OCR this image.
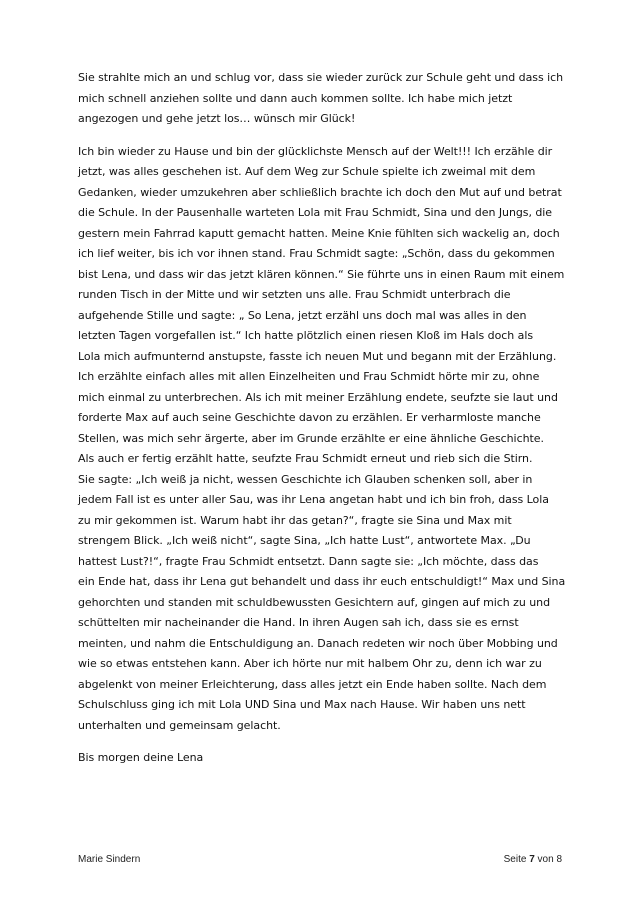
Sie strahlte mich an und schlug vor, dass sie wieder zurück zur Schule geht und dass ich
mich schnell anziehen sollte und dann auch kommen sollte. Ich habe mich jetzt
angezogen und gehe jetzt los… wünsch mir Glück!
Ich bin wieder zu Hause und bin der glücklichste Mensch auf der Welt!!! Ich erzähle dir
jetzt, was alles geschehen ist. Auf dem Weg zur Schule spielte ich zweimal mit dem
Gedanken, wieder umzukehren aber schließlich brachte ich doch den Mut auf und betrat
die Schule. In der Pausenhalle warteten Lola mit Frau Schmidt, Sina und den Jungs, die
gestern mein Fahrrad kaputt gemacht hatten. Meine Knie fühlten sich wackelig an, doch
ich lief weiter, bis ich vor ihnen stand. Frau Schmidt sagte: „Schön, dass du gekommen
bist Lena, und dass wir das jetzt klären können.“ Sie führte uns in einen Raum mit einem
runden Tisch in der Mitte und wir setzten uns alle. Frau Schmidt unterbrach die
aufgehende Stille und sagte: „ So Lena, jetzt erzähl uns doch mal was alles in den
letzten Tagen vorgefallen ist.“ Ich hatte plötzlich einen riesen Kloß im Hals doch als
Lola mich aufmunternd anstupste, fasste ich neuen Mut und begann mit der Erzählung.
Ich erzählte einfach alles mit allen Einzelheiten und Frau Schmidt hörte mir zu, ohne
mich einmal zu unterbrechen. Als ich mit meiner Erzählung endete, seufzte sie laut und
forderte Max auf auch seine Geschichte davon zu erzählen. Er verharmloste manche
Stellen, was mich sehr ärgerte, aber im Grunde erzählte er eine ähnliche Geschichte.
Als auch er fertig erzählt hatte, seufzte Frau Schmidt erneut und rieb sich die Stirn.
Sie sagte: „Ich weiß ja nicht, wessen Geschichte ich Glauben schenken soll, aber in
jedem Fall ist es unter aller Sau, was ihr Lena angetan habt und ich bin froh, dass Lola
zu mir gekommen ist. Warum habt ihr das getan?“, fragte sie Sina und Max mit
strengem Blick. „Ich weiß nicht“, sagte Sina, „Ich hatte Lust“, antwortete Max. „Du
hattest Lust?!“, fragte Frau Schmidt entsetzt. Dann sagte sie: „Ich möchte, dass das
ein Ende hat, dass ihr Lena gut behandelt und dass ihr euch entschuldigt!“ Max und Sina
gehorchten und standen mit schuldbewussten Gesichtern auf, gingen auf mich zu und
schüttelten mir nacheinander die Hand. In ihren Augen sah ich, dass sie es ernst
meinten, und nahm die Entschuldigung an. Danach redeten wir noch über Mobbing und
wie so etwas entstehen kann. Aber ich hörte nur mit halbem Ohr zu, denn ich war zu
abgelenkt von meiner Erleichterung, dass alles jetzt ein Ende haben sollte. Nach dem
Schulschluss ging ich mit Lola UND Sina und Max nach Hause. Wir haben uns nett
unterhalten und gemeinsam gelacht.
Bis morgen deine Lena
Marie Sindern	Seite 7 von 8
